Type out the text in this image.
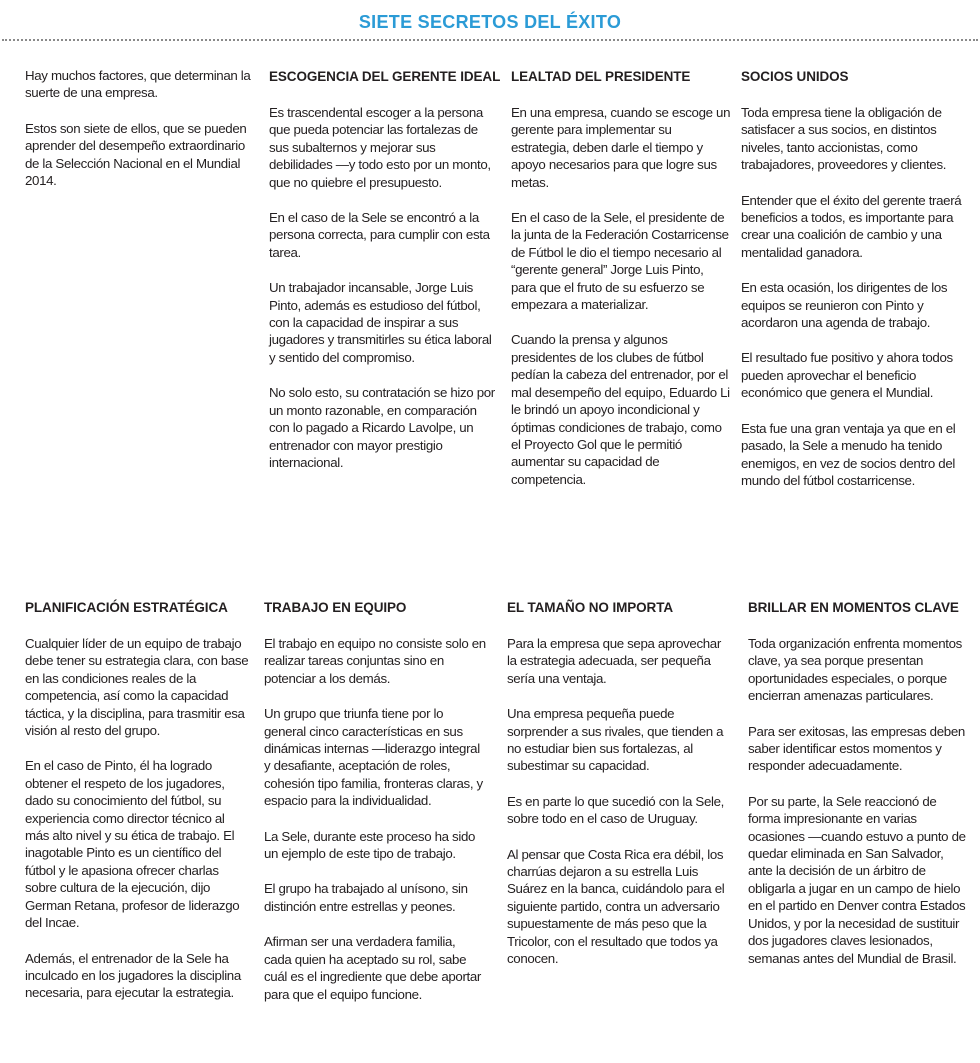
SIETE SECRETOS DEL ÉXITO

Hay muchos factores, que determinan la suerte de una empresa.

Estos son siete de ellos, que se pueden aprender del desempeño extraordinario de la Selección Nacional en el Mundial 2014.

ESCOGENCIA DEL GERENTE IDEAL

Es trascendental escoger a la persona que pueda potenciar las fortalezas de sus subalternos y mejorar sus debilidades —y todo esto por un monto, que no quiebre el presupuesto.

En el caso de la Sele se encontró a la persona correcta, para cumplir con esta tarea.

Un trabajador incansable, Jorge Luis Pinto, además es estudioso del fútbol, con la capacidad de inspirar a sus jugadores y transmitirles su ética laboral y sentido del compromiso.

No solo esto, su contratación se hizo por un monto razonable, en comparación con lo pagado a Ricardo Lavolpe, un entrenador con mayor prestigio internacional.

LEALTAD DEL PRESIDENTE

En una empresa, cuando se escoge un gerente para implementar su estrategia, deben darle el tiempo y apoyo necesarios para que logre sus metas.

En el caso de la Sele, el presidente de la junta de la Federación Costarricense de Fútbol le dio el tiempo necesario al “gerente general” Jorge Luis Pinto, para que el fruto de su esfuerzo se empezara a materializar.

Cuando la prensa y algunos presidentes de los clubes de fútbol pedían la cabeza del entrenador, por el mal desempeño del equipo, Eduardo Li le brindó un apoyo incondicional y óptimas condiciones de trabajo, como el Proyecto Gol que le permitió aumentar su capacidad de competencia.

SOCIOS UNIDOS

Toda empresa tiene la obligación de satisfacer a sus socios, en distintos niveles, tanto accionistas, como trabajadores, proveedores y clientes.

Entender que el éxito del gerente traerá beneficios a todos, es importante para crear una coalición de cambio y una mentalidad ganadora.

En esta ocasión, los dirigentes de los equipos se reunieron con Pinto y acordaron una agenda de trabajo.

El resultado fue positivo y ahora todos pueden aprovechar el beneficio económico que genera el Mundial.

Esta fue una gran ventaja ya que en el pasado, la Sele a menudo ha tenido enemigos, en vez de socios dentro del mundo del fútbol costarricense.

PLANIFICACIÓN ESTRATÉGICA

Cualquier líder de un equipo de trabajo debe tener su estrategia clara, con base en las condiciones reales de la competencia, así como la capacidad táctica, y la disciplina, para trasmitir esa visión al resto del grupo.

En el caso de Pinto, él ha logrado obtener el respeto de los jugadores, dado su conocimiento del fútbol, su experiencia como director técnico al más alto nivel y su ética de trabajo. El inagotable Pinto es un científico del fútbol y le apasiona ofrecer charlas sobre cultura de la ejecución, dijo German Retana, profesor de liderazgo del Incae.

Además, el entrenador de la Sele ha inculcado en los jugadores la disciplina necesaria, para ejecutar la estrategia.

TRABAJO EN EQUIPO

El trabajo en equipo no consiste solo en realizar tareas conjuntas sino en potenciar a los demás.

Un grupo que triunfa tiene por lo general cinco características en sus dinámicas internas —liderazgo integral y desafiante, aceptación de roles, cohesión tipo familia, fronteras claras, y espacio para la individualidad.

La Sele, durante este proceso ha sido un ejemplo de este tipo de trabajo.

El grupo ha trabajado al unísono, sin distinción entre estrellas y peones.

Afirman ser una verdadera familia, cada quien ha aceptado su rol, sabe cuál es el ingrediente que debe aportar para que el equipo funcione.

EL TAMAÑO NO IMPORTA

Para la empresa que sepa aprovechar la estrategia adecuada, ser pequeña sería una ventaja.

Una empresa pequeña puede sorprender a sus rivales, que tienden a no estudiar bien sus fortalezas, al subestimar su capacidad.

Es en parte lo que sucedió con la Sele, sobre todo en el caso de Uruguay.

Al pensar que Costa Rica era débil, los charrúas dejaron a su estrella Luis Suárez en la banca, cuidándolo para el siguiente partido, contra un adversario supuestamente de más peso que la Tricolor, con el resultado que todos ya conocen.

BRILLAR EN MOMENTOS CLAVE

Toda organización enfrenta momentos clave, ya sea porque presentan oportunidades especiales, o porque encierran amenazas particulares.

Para ser exitosas, las empresas deben saber identificar estos momentos y responder adecuadamente.

Por su parte, la Sele reaccionó de forma impresionante en varias ocasiones —cuando estuvo a punto de quedar eliminada en San Salvador, ante la decisión de un árbitro de obligarla a jugar en un campo de hielo en el partido en Denver contra Estados Unidos, y por la necesidad de sustituir dos jugadores claves lesionados, semanas antes del Mundial de Brasil.
